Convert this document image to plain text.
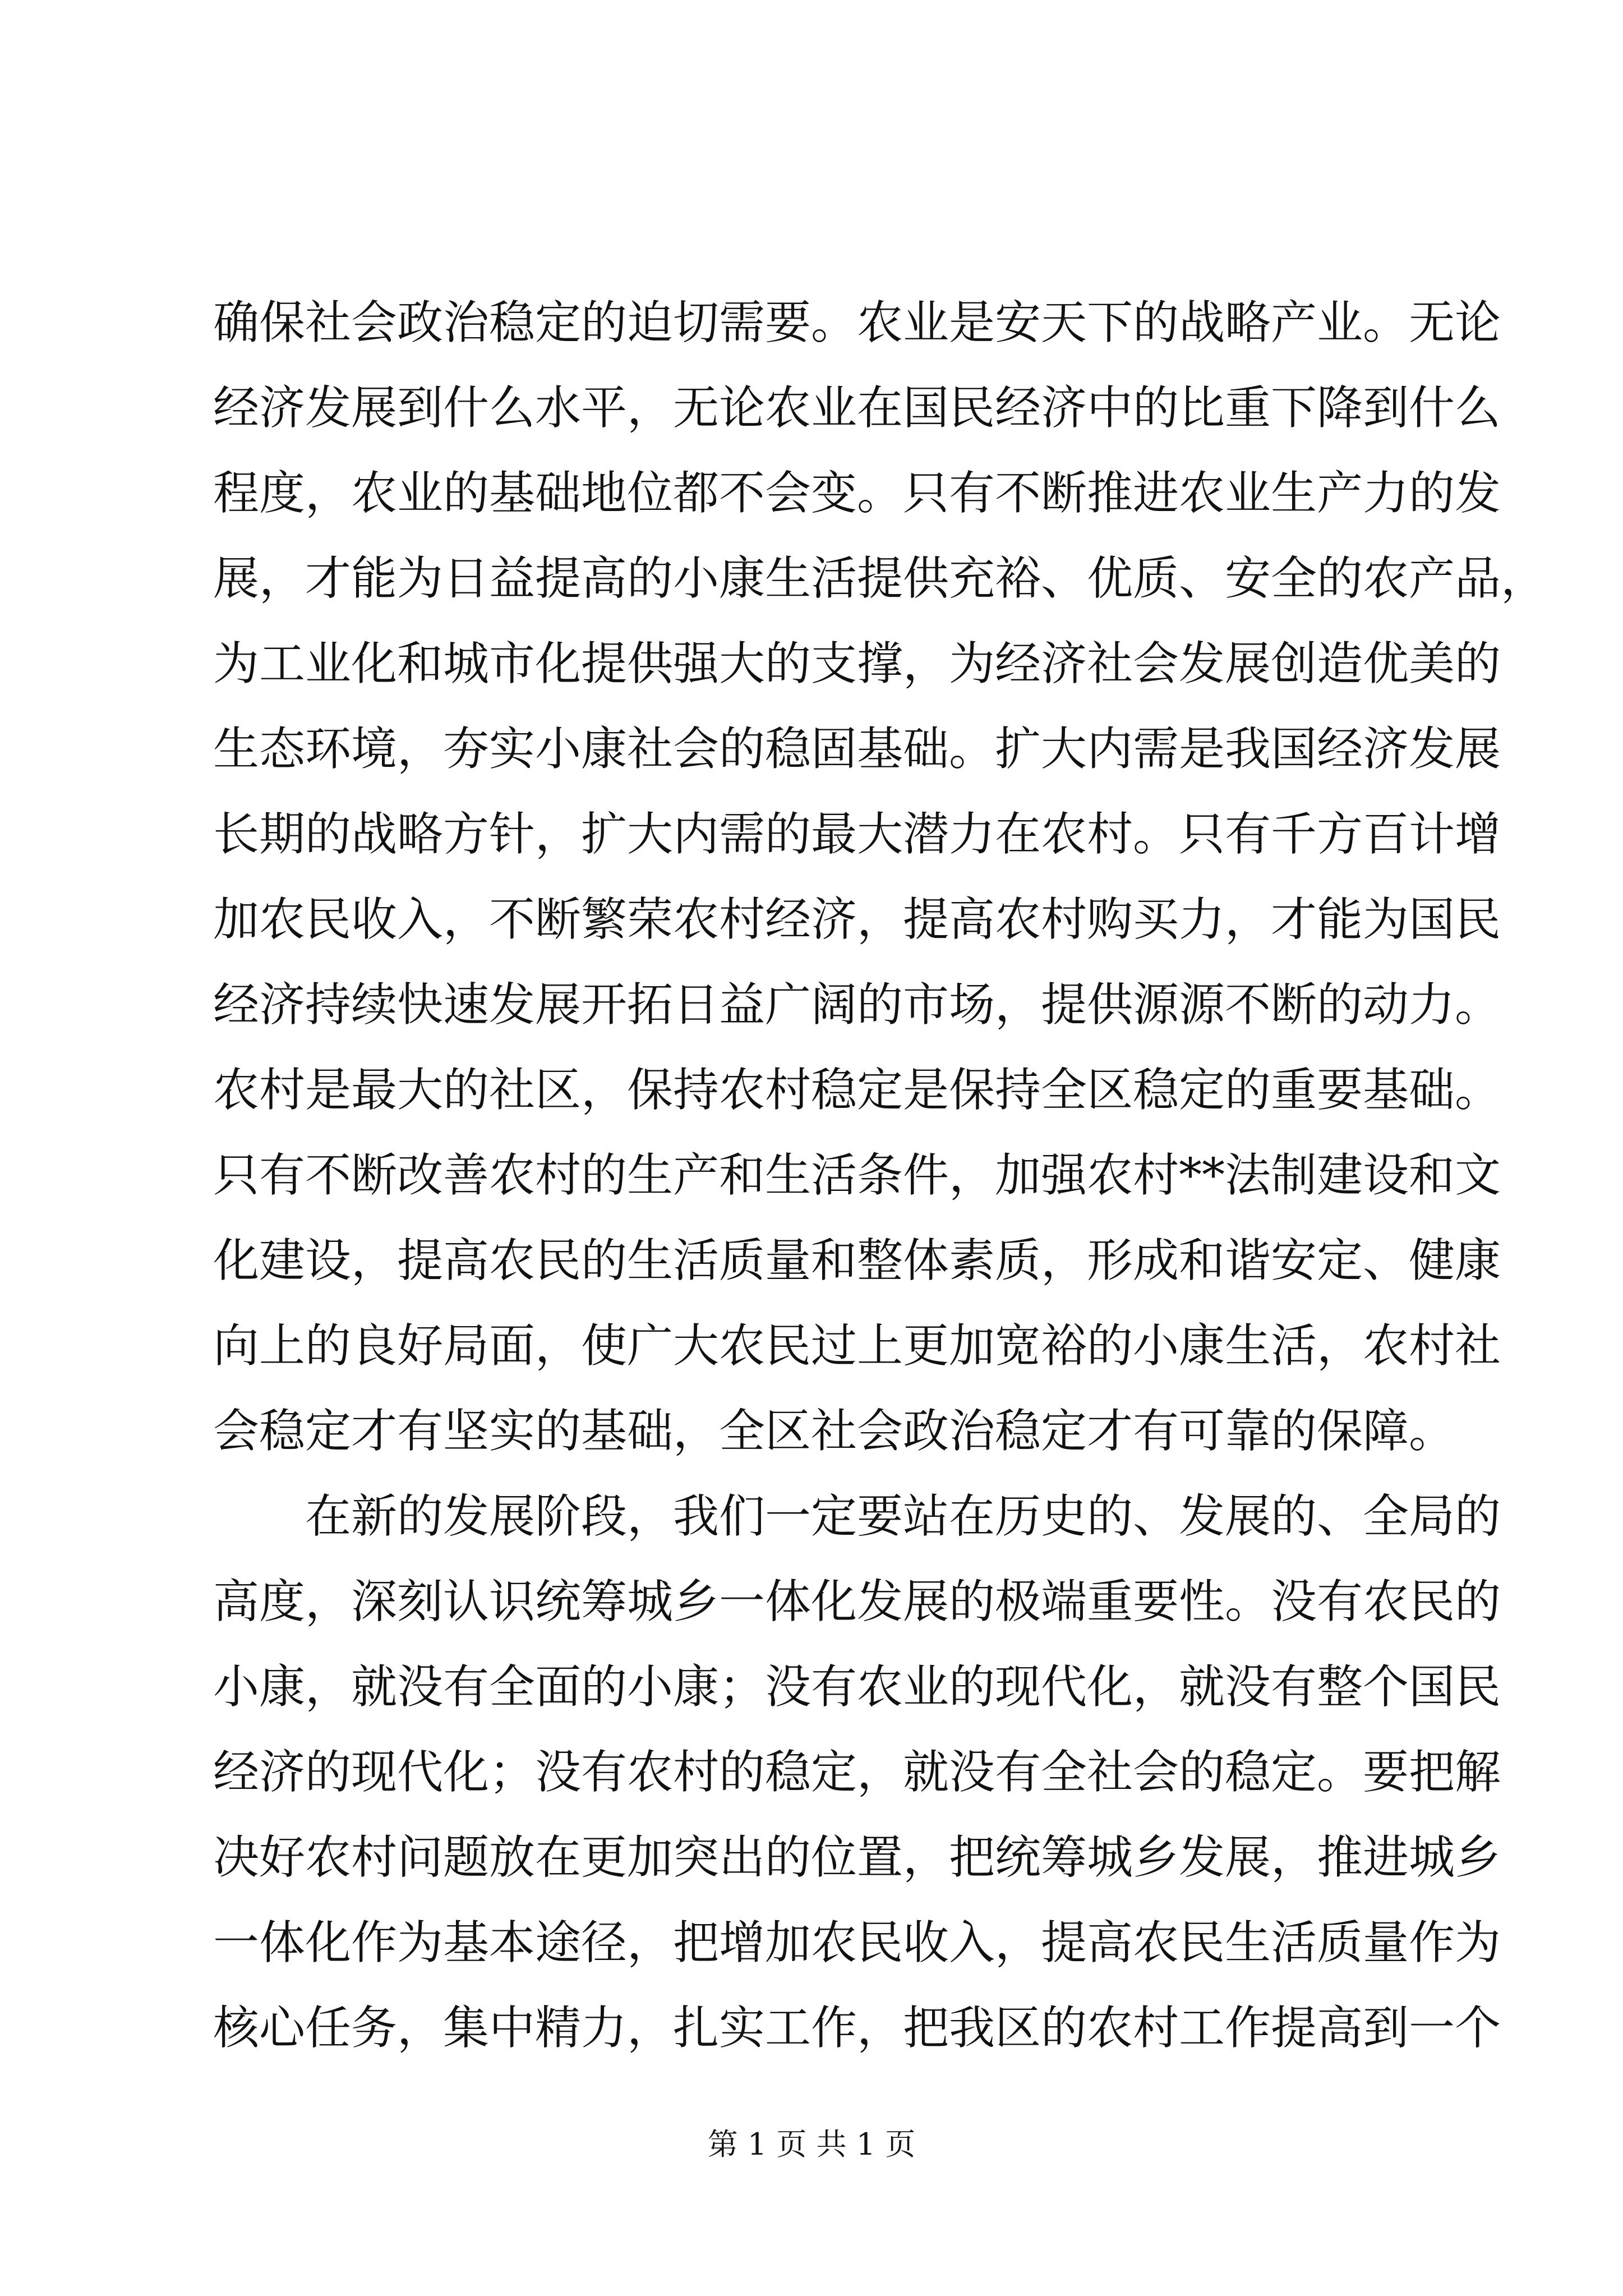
确保社会政治稳定的迫切需要。农业是安天下的战略产业。无论
经济发展到什么水平，无论农业在国民经济中的比重下降到什么
程度，农业的基础地位都不会变。只有不断推进农业生产力的发
展，才能为日益提高的小康生活提供充裕、优质、安全的农产品，
为工业化和城市化提供强大的支撑，为经济社会发展创造优美的
生态环境，夯实小康社会的稳固基础。扩大内需是我国经济发展
长期的战略方针，扩大内需的最大潜力在农村。只有千方百计增
加农民收入，不断繁荣农村经济，提高农村购买力，才能为国民
经济持续快速发展开拓日益广阔的市场，提供源源不断的动力。
农村是最大的社区，保持农村稳定是保持全区稳定的重要基础。
只有不断改善农村的生产和生活条件，加强农村**法制建设和文
化建设，提高农民的生活质量和整体素质，形成和谐安定、健康
向上的良好局面，使广大农民过上更加宽裕的小康生活，农村社
会稳定才有坚实的基础，全区社会政治稳定才有可靠的保障。
在新的发展阶段，我们一定要站在历史的、发展的、全局的
高度，深刻认识统筹城乡一体化发展的极端重要性。没有农民的
小康，就没有全面的小康；没有农业的现代化，就没有整个国民
经济的现代化；没有农村的稳定，就没有全社会的稳定。要把解
决好农村问题放在更加突出的位置，把统筹城乡发展，推进城乡
一体化作为基本途径，把增加农民收入，提高农民生活质量作为
核心任务，集中精力，扎实工作，把我区的农村工作提高到一个
第 1 页 共 1 页
